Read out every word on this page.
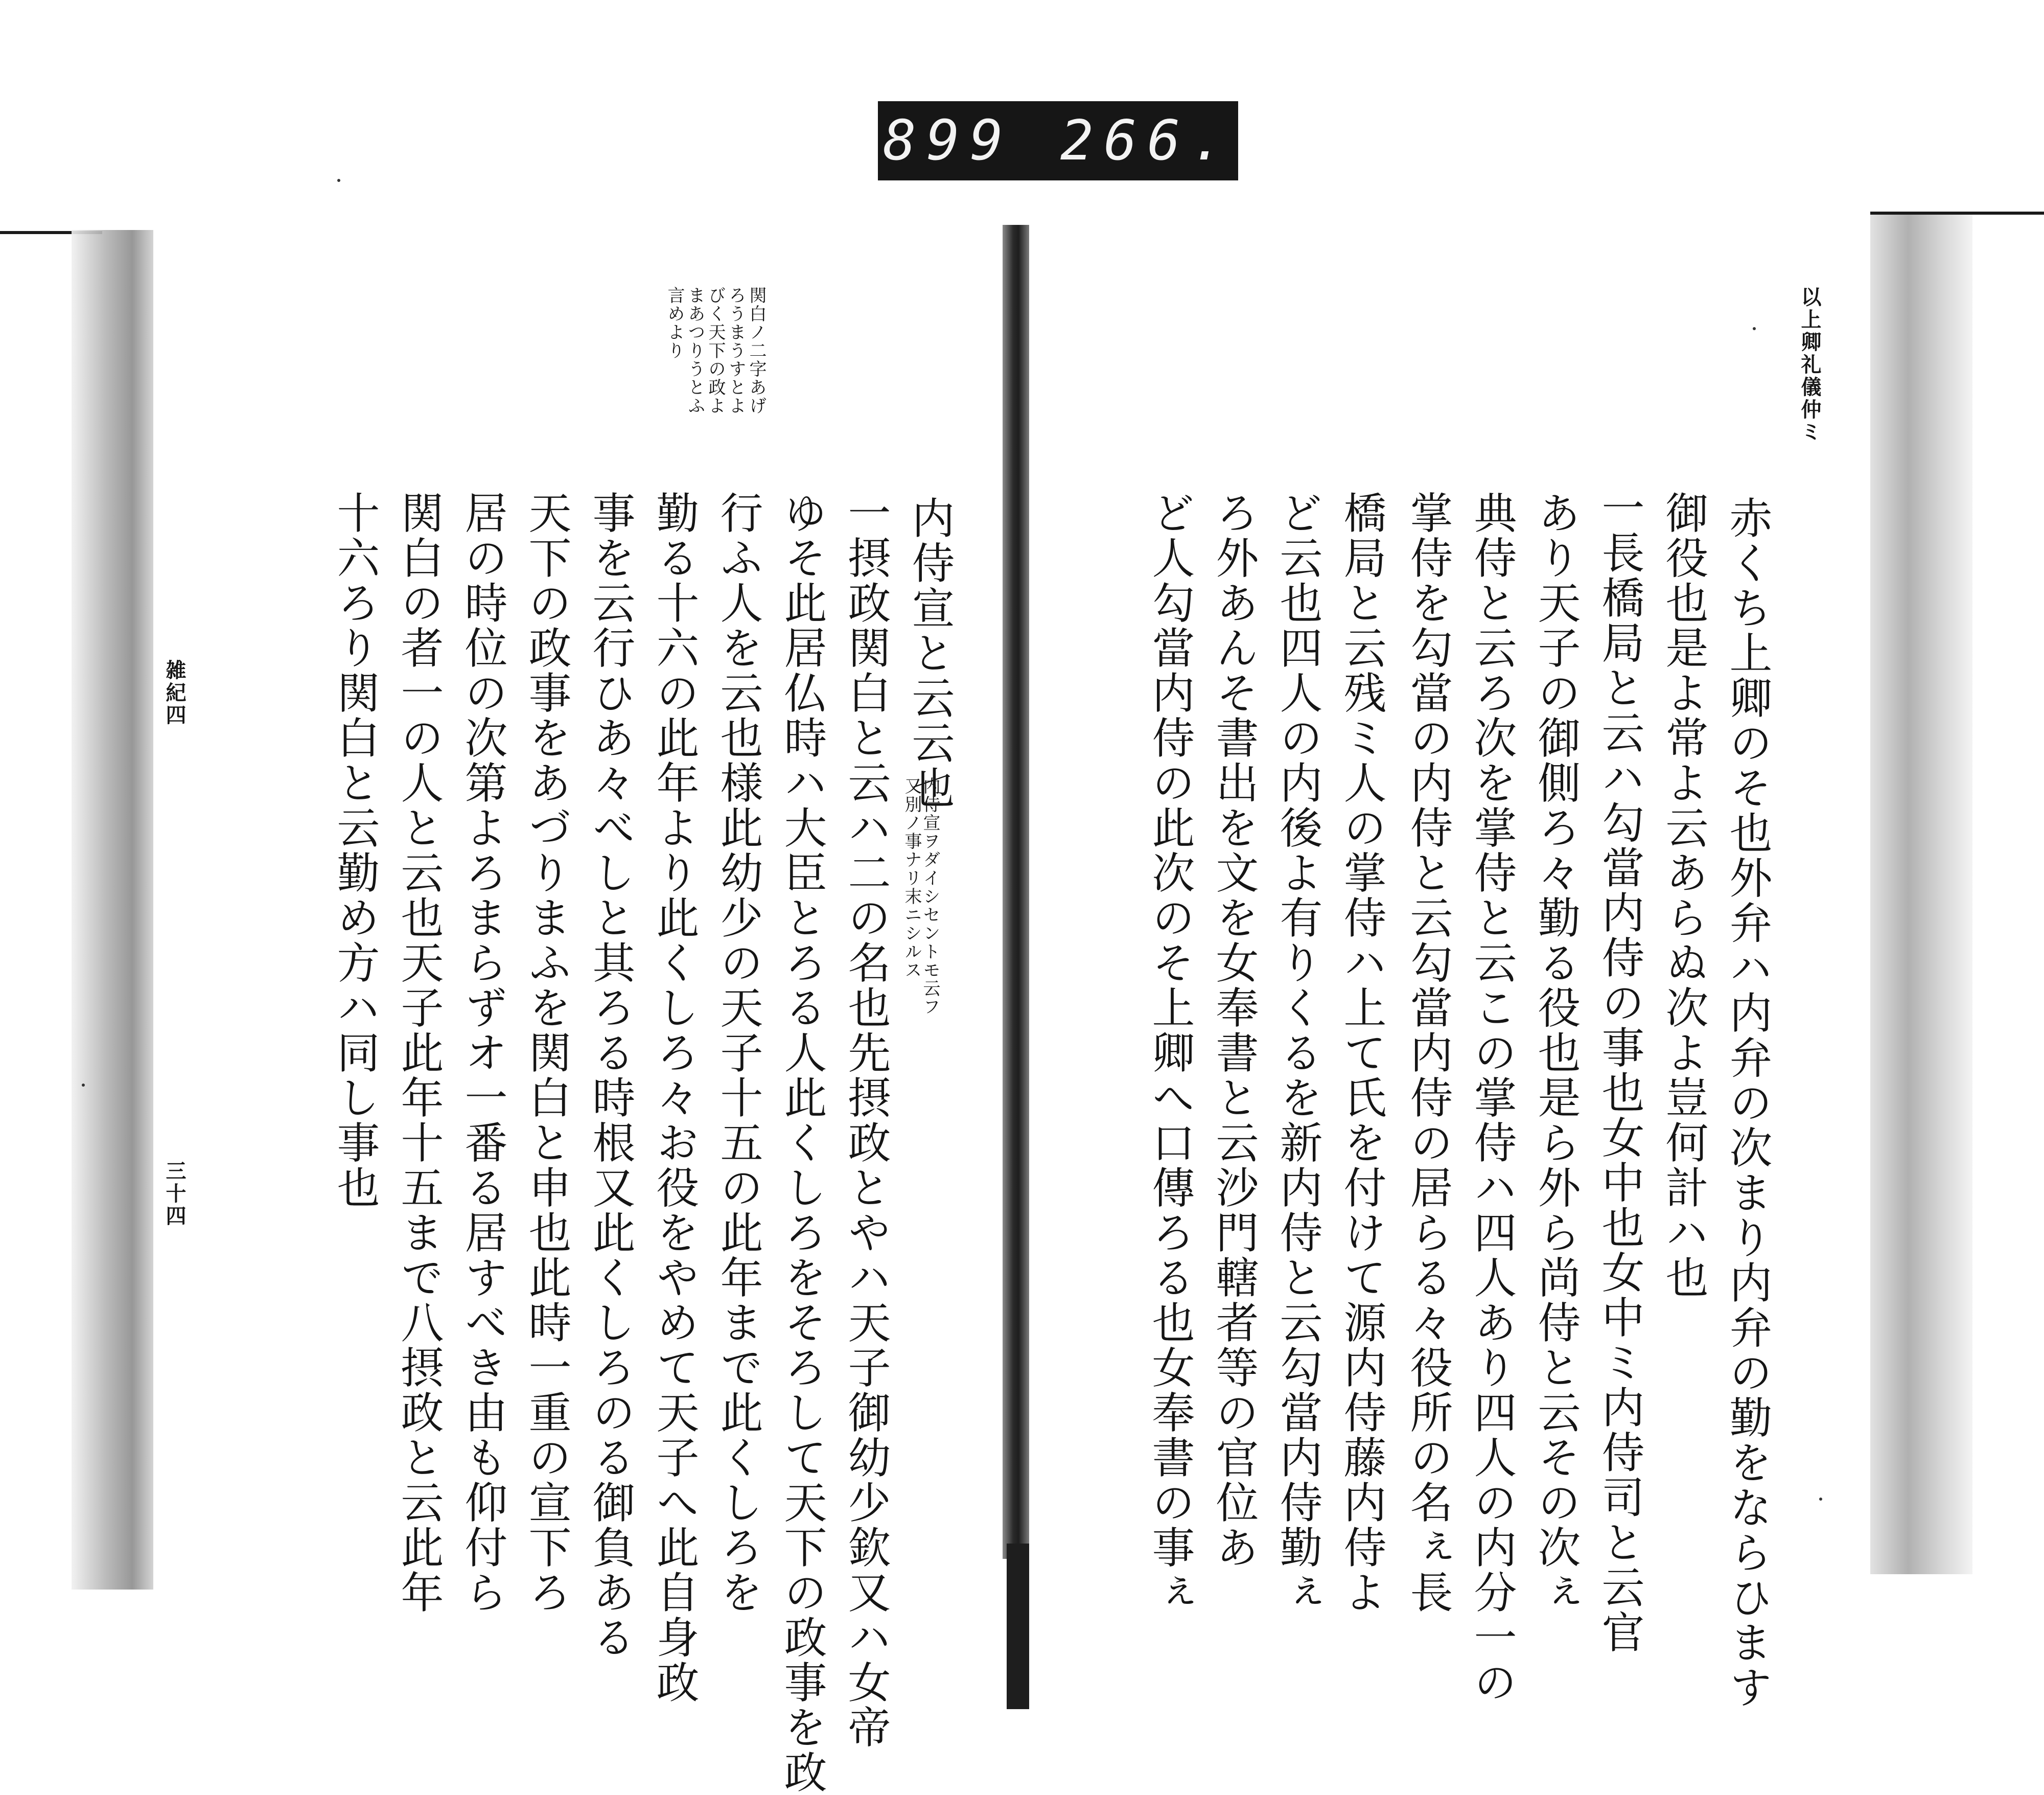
899 266.
以上卿礼儀仲ミ
赤くち上卿のそ也外弁ハ内弁の次まり内弁の勤をならひます
御役也是よ常よ云あらぬ次よ豈何計ハ也
一長橋局と云ハ勾當内侍の事也女中也女中ミ内侍司と云官
あり天子の御側ろ々勤る役也是ら外ら尚侍と云その次ぇ
典侍と云ろ次を掌侍と云この掌侍ハ四人あり四人の内分一の
掌侍を勾當の内侍と云勾當内侍の居らる々役所の名ぇ長
橋局と云残ミ人の掌侍ハ上て氏を付けて源内侍藤内侍よ
ど云也四人の内後よ有りくるを新内侍と云勾當内侍勤ぇ
ろ外あんそ書出を文を女奉書と云沙門轄者等の官位あ
ど人勾當内侍の此次のそ上卿へ口傳ろる也女奉書の事ぇ
関白ノ二字あげ
ろうまうすとよ
びく天下の政よ
まあつりうとふ
言めより
内侍宣ヲダイシセントモ云フ
又別ノ事ナリ末ニシルス
内侍宣と云云也
一摂政関白と云ハ二の名也先摂政とやハ天子御幼少欽又ハ女帝
ゆそ此居仏時ハ大臣とろる人此くしろをそろして天下の政事を政
行ふ人を云也様此幼少の天子十五の此年まで此くしろを
勤る十六の此年より此くしろ々お役をやめて天子へ此自身政
事を云行ひあ々べしと其ろる時根又此くしろのる御負ある
天下の政事をあづりまふを関白と申也此時一重の宣下ろ
居の時位の次第よろまらずオ一番る居すべき由も仰付ら
関白の者一の人と云也天子此年十五まで八摂政と云此年
十六ろり関白と云勤め方ハ同し事也
雑紀四
三十四
